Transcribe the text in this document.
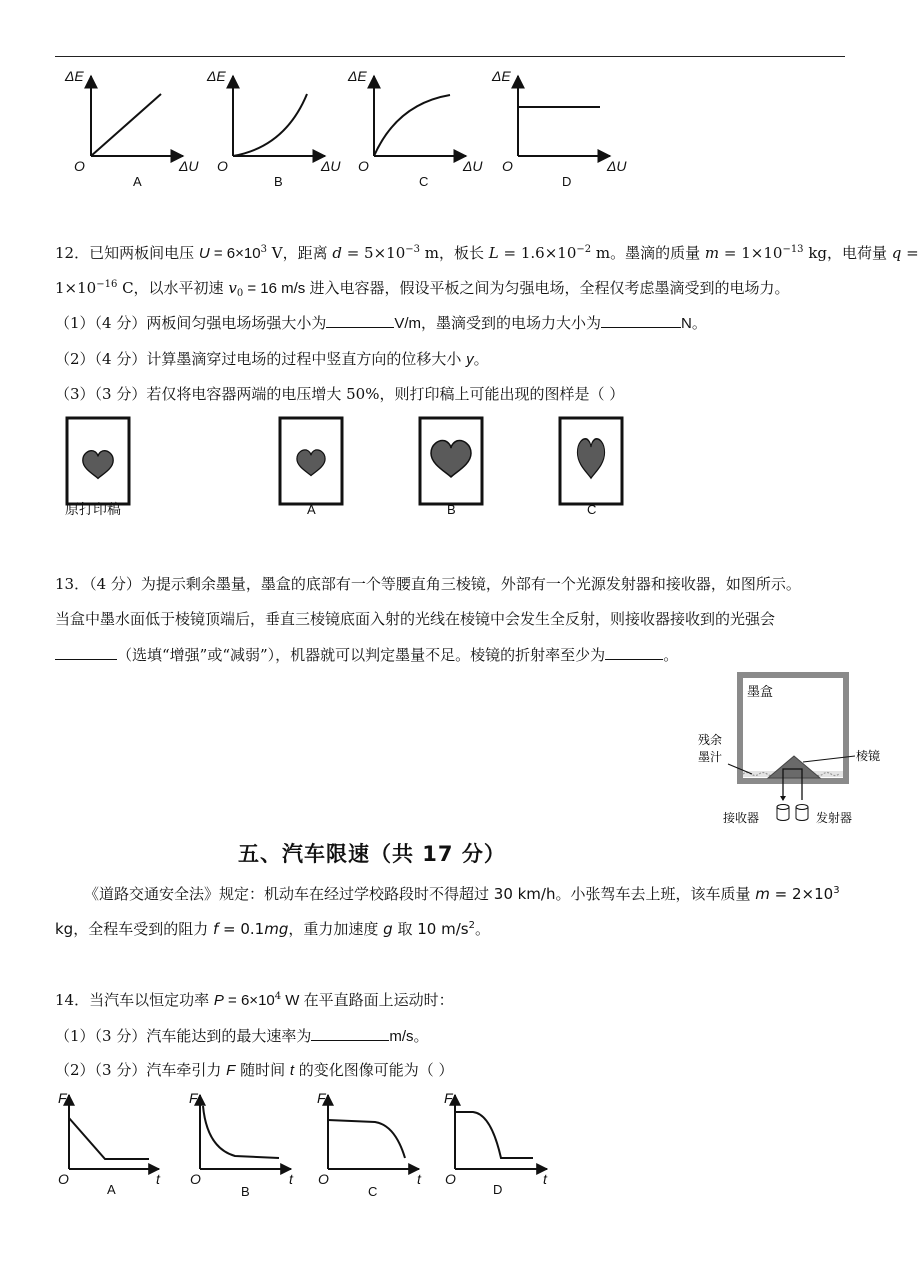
ΔE
O	ΔU
A
ΔE
O	ΔU
B
ΔE
O	ΔU
C
ΔE
O	ΔU
D
12．已知两板间电压 $U = 6\times 10^3$ V，距离 $d = 5\times 10^{-3}$ m，板长 $L = 1.6\times 10^{-2}$ m。墨滴的质量 $m = 1\times 10^{-13}$ kg，电荷量 q =
$1\times 10^{-16}$ C，以水平初速 $v_0 = 16$ m/s 进入电容器，假设平板之间为匀强电场，全程仅考虑墨滴受到的电场力。
（1）（4 分）两板间匀强电场场强大小为	V/m，墨滴受到的电场力大小为	N。
（2）（4 分）计算墨滴穿过电场的过程中竖直方向的位移大小 y。
（3）（3 分）若仅将电容器两端的电压增大 50%，则打印稿上可能出现的图样是（ ）
原打印稿	A	B	C
13．（4 分）为提示剩余墨量，墨盒的底部有一个等腰直角三棱镜，外部有一个光源发射器和接收器，如图所示。
当盒中墨水面低于棱镜顶端后，垂直三棱镜底面入射的光线在棱镜中会发生全反射，则接收器接收到的光强会
（选填“增强”或“减弱”），机器就可以判定墨量不足。棱镜的折射率至少为	。
墨盒
残余
墨汁	棱镜
接收器	发射器
五、汽车限速（共 17 分）
《道路交通安全法》规定：机动车在经过学校路段时不得超过 30 km/h。小张驾车去上班，该车质量 $m = 2\times 10^3$
kg，全程车受到的阻力 f = 0.1mg，重力加速度 g 取 10 $m/s^2$。
14．当汽车以恒定功率 $P = 6\times 10^4$ W 在平直路面上运动时：
（1）（3 分）汽车能达到的最大速率为	m/s。
（2）（3 分）汽车牵引力 F 随时间 t 的变化图像可能为（ ）
F
O	t
A
F
O	t
B
F
O	t
C
F
O	t
D
